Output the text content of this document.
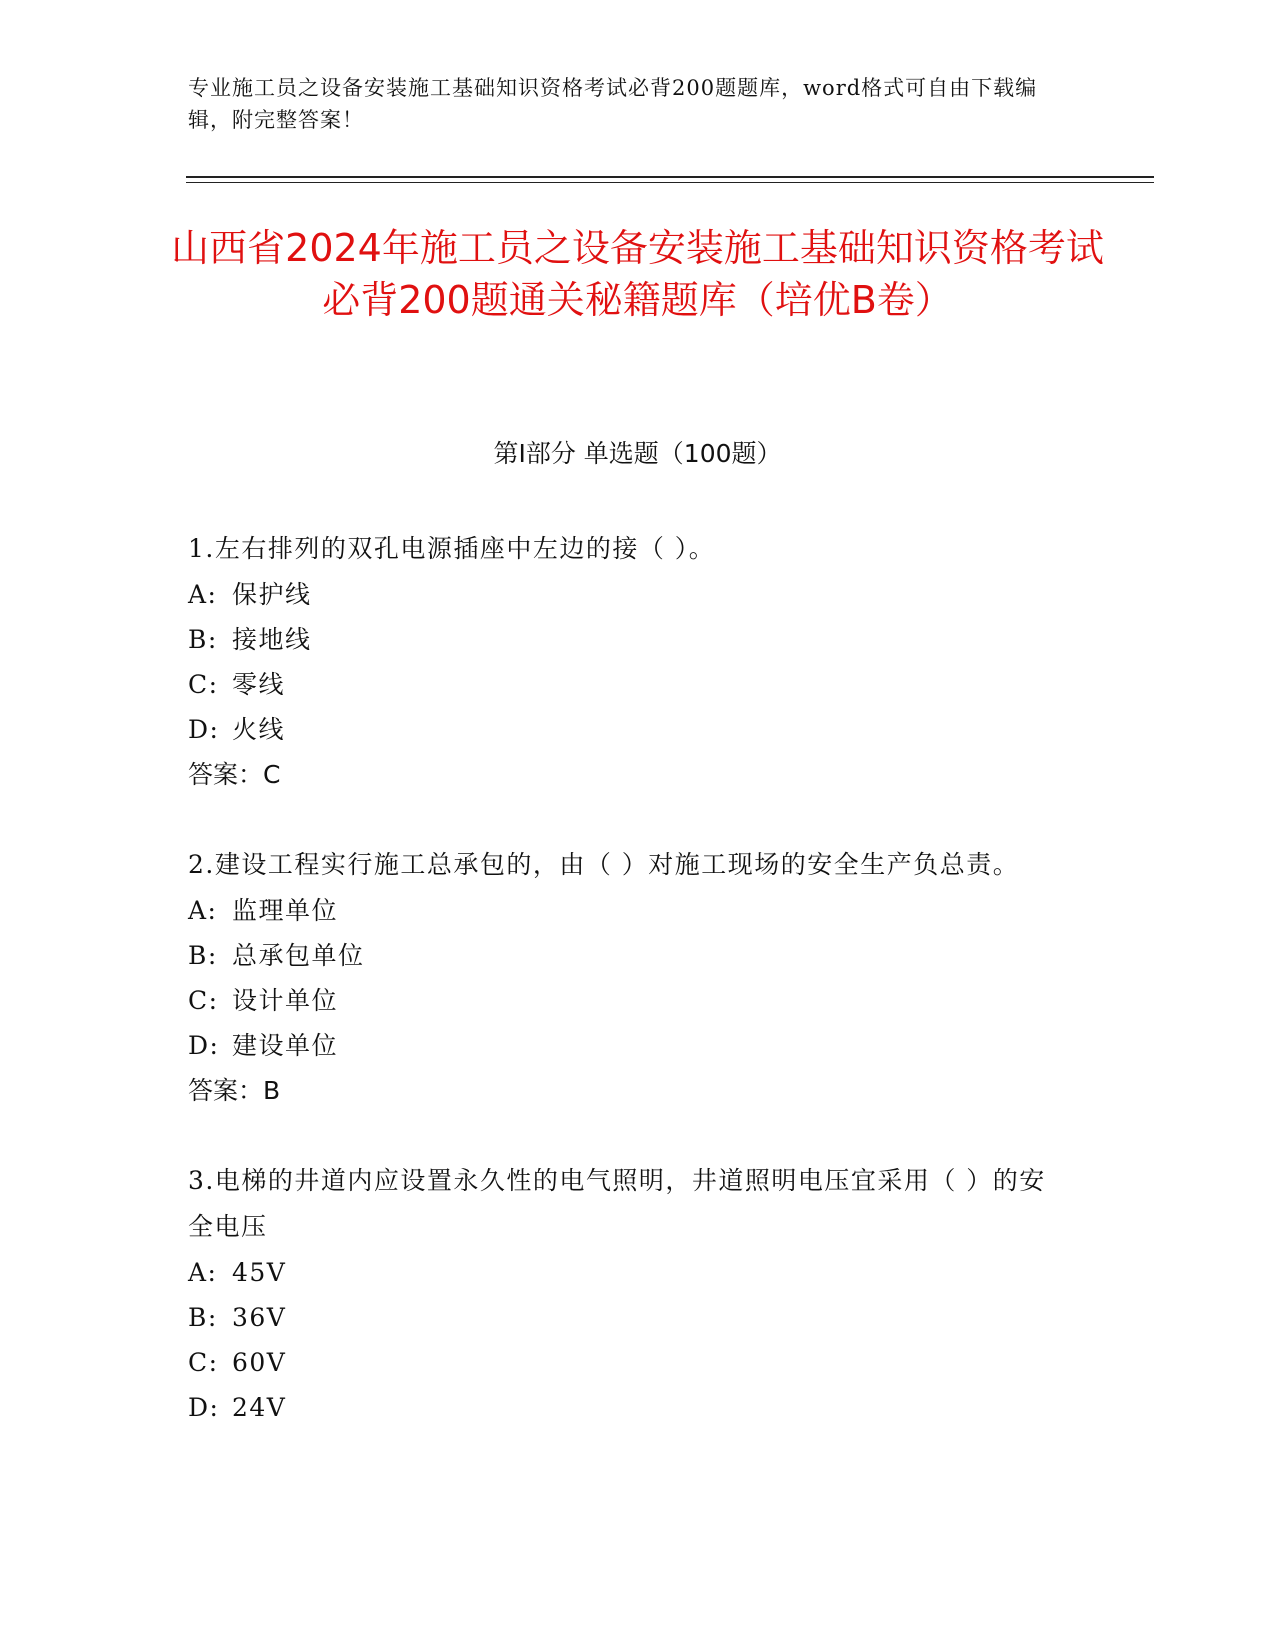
专业施工员之设备安装施工基础知识资格考试必背200题题库，word格式可自由下载编辑，附完整答案！
山西省2024年施工员之设备安装施工基础知识资格考试必背200题通关秘籍题库（培优B卷）
第Ⅰ部分 单选题（100题）

1.左右排列的双孔电源插座中左边的接（ ）。

A: 保护线
B: 接地线
C: 零线
D: 火线
答案：C

2.建设工程实行施工总承包的，由（ ）对施工现场的安全生产负总责。

A: 监理单位
B: 总承包单位
C: 设计单位
D: 建设单位
答案：B

3.电梯的井道内应设置永久性的电气照明，井道照明电压宜采用（ ）的安全电压

A: 45V
B: 36V
C: 60V
D: 24V
